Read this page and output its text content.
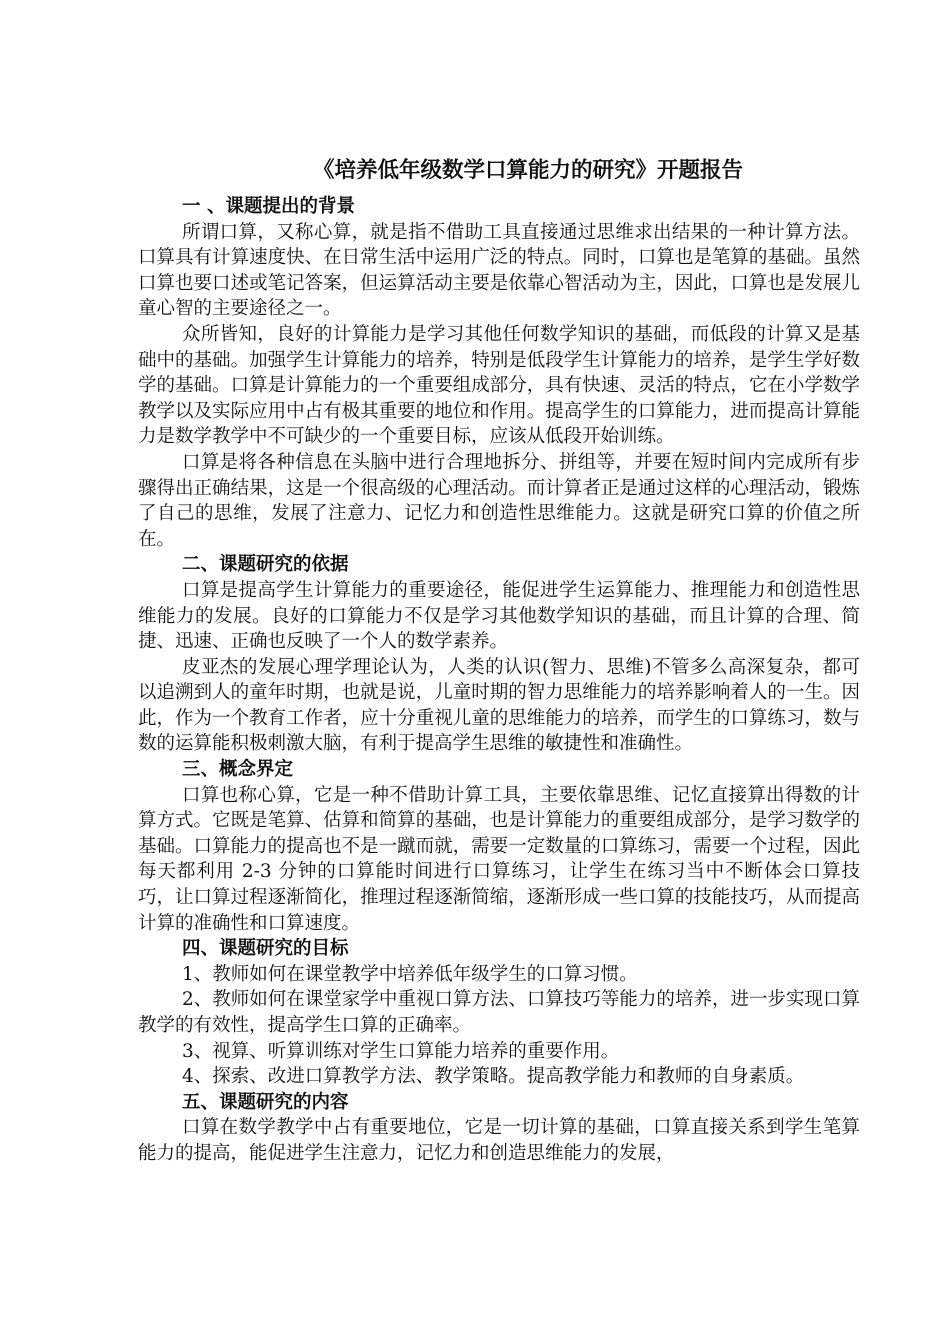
《培养低年级数学口算能力的研究》开题报告
一 、课题提出的背景

所谓口算，又称心算，就是指不借助工具直接通过思维求出结果的一种计算方法。口算具有计算速度快、在日常生活中运用广泛的特点。同时，口算也是笔算的基础。虽然口算也要口述或笔记答案，但运算活动主要是依靠心智活动为主，因此，口算也是发展儿童心智的主要途径之一。

众所皆知，良好的计算能力是学习其他任何数学知识的基础，而低段的计算又是基础中的基础。加强学生计算能力的培养，特别是低段学生计算能力的培养，是学生学好数学的基础。口算是计算能力的一个重要组成部分，具有快速、灵活的特点，它在小学数学教学以及实际应用中占有极其重要的地位和作用。提高学生的口算能力，进而提高计算能力是数学教学中不可缺少的一个重要目标，应该从低段开始训练。

口算是将各种信息在头脑中进行合理地拆分、拼组等，并要在短时间内完成所有步骤得出正确结果，这是一个很高级的心理活动。而计算者正是通过这样的心理活动，锻炼了自己的思维，发展了注意力、记忆力和创造性思维能力。这就是研究口算的价值之所在。

二、课题研究的依据

口算是提高学生计算能力的重要途径，能促进学生运算能力、推理能力和创造性思维能力的发展。良好的口算能力不仅是学习其他数学知识的基础，而且计算的合理、简捷、迅速、正确也反映了一个人的数学素养。

皮亚杰的发展心理学理论认为，人类的认识(智力、思维)不管多么高深复杂，都可以追溯到人的童年时期，也就是说，儿童时期的智力思维能力的培养影响着人的一生。因此，作为一个教育工作者，应十分重视儿童的思维能力的培养，而学生的口算练习，数与数的运算能积极刺激大脑，有利于提高学生思维的敏捷性和准确性。

三、概念界定

口算也称心算，它是一种不借助计算工具，主要依靠思维、记忆直接算出得数的计算方式。它既是笔算、估算和简算的基础，也是计算能力的重要组成部分，是学习数学的基础。口算能力的提高也不是一蹴而就，需要一定数量的口算练习，需要一个过程，因此每天都利用 2-3 分钟的口算能时间进行口算练习，让学生在练习当中不断体会口算技巧，让口算过程逐渐简化，推理过程逐渐简缩，逐渐形成一些口算的技能技巧，从而提高计算的准确性和口算速度。

四、课题研究的目标

1、教师如何在课堂教学中培养低年级学生的口算习惯。

2、教师如何在课堂家学中重视口算方法、口算技巧等能力的培养，进一步实现口算教学的有效性，提高学生口算的正确率。

3、视算、听算训练对学生口算能力培养的重要作用。

4、探索、改进口算教学方法、教学策略。提高教学能力和教师的自身素质。

五、课题研究的内容

口算在数学教学中占有重要地位，它是一切计算的基础，口算直接关系到学生笔算能力的提高，能促进学生注意力，记忆力和创造思维能力的发展，
